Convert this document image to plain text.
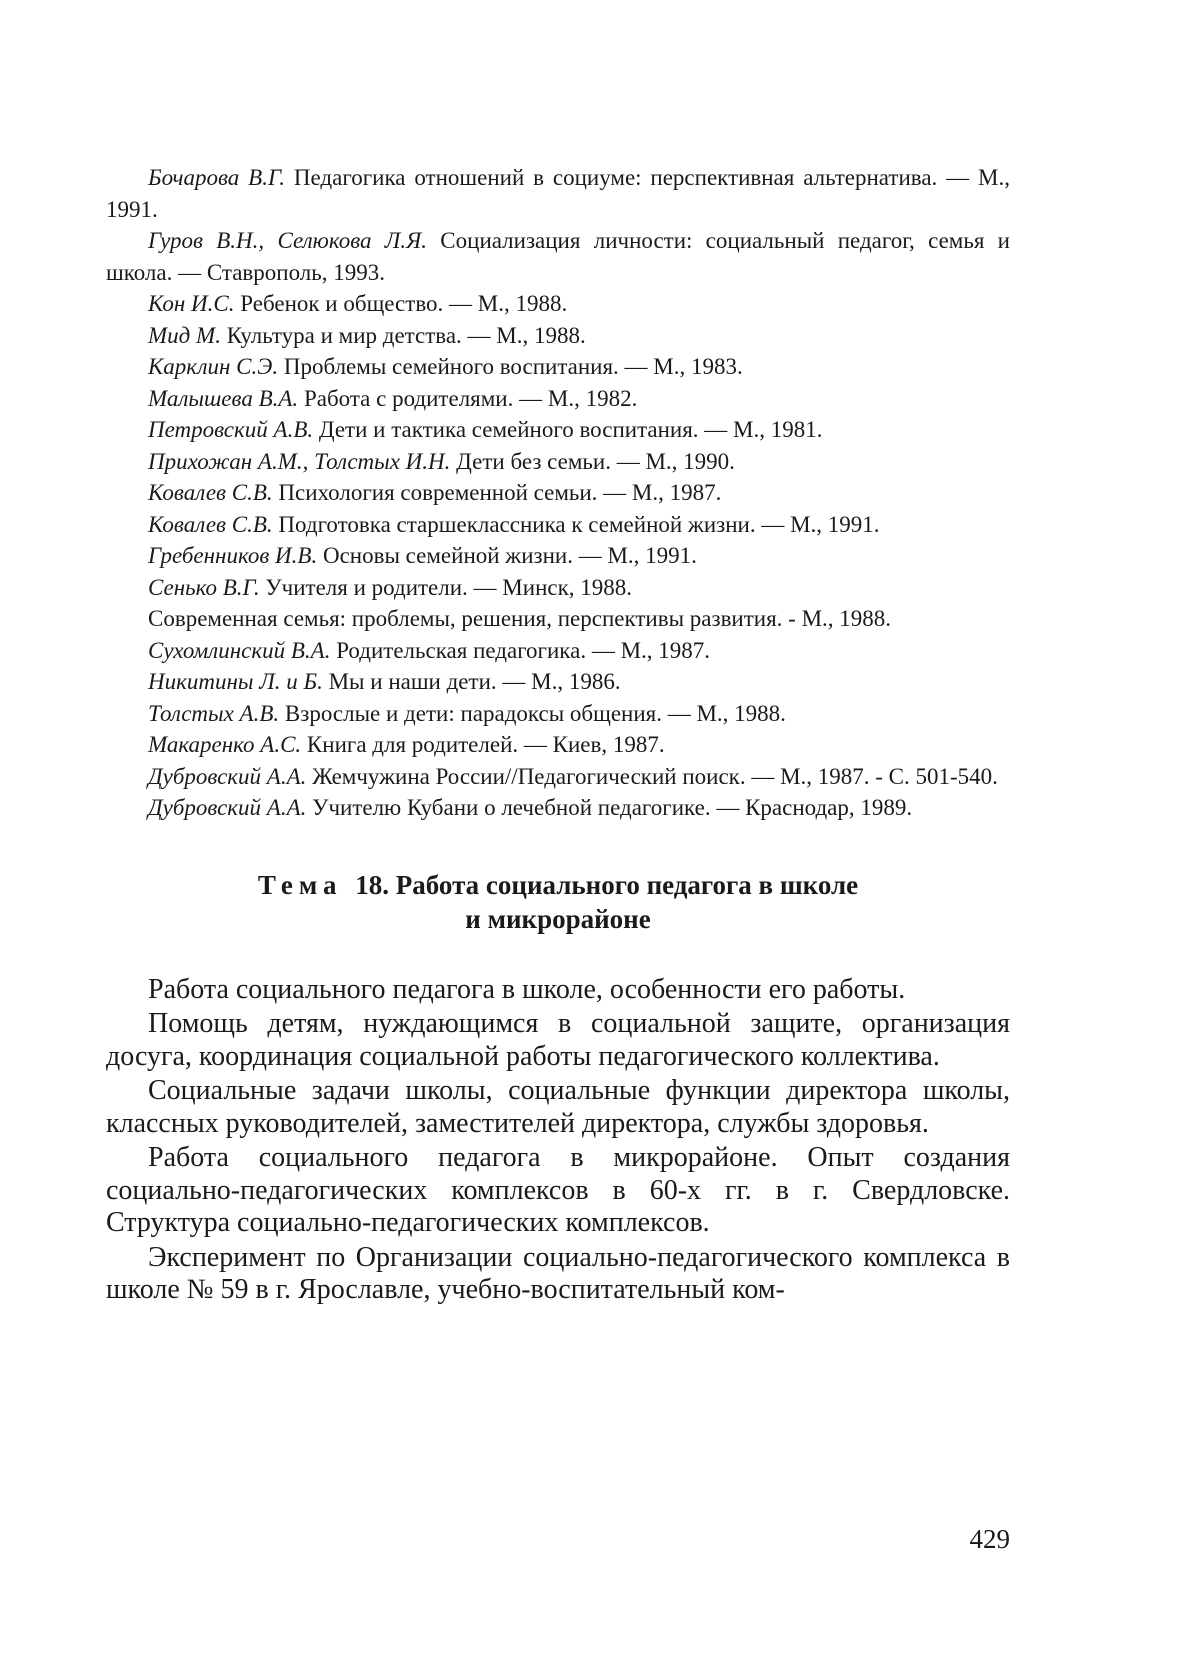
Бочарова В.Г. Педагогика отношений в социуме: перспективная альтернатива. — М., 1991.

Гуров В.Н., Селюкова Л.Я. Социализация личности: социальный педагог, семья и школа. — Ставрополь, 1993.

Кон И.С. Ребенок и общество. — М., 1988.

Мид М. Культура и мир детства. — М., 1988.

Карклин С.Э. Проблемы семейного воспитания. — М., 1983.

Малышева В.А. Работа с родителями. — М., 1982.

Петровский А.В. Дети и тактика семейного воспитания. — М., 1981.

Прихожан А.М., Толстых И.Н. Дети без семьи. — М., 1990.

Ковалев С.В. Психология современной семьи. — М., 1987.

Ковалев С.В. Подготовка старшеклассника к семейной жизни. — М., 1991.

Гребенников И.В. Основы семейной жизни. — М., 1991.

Сенько В.Г. Учителя и родители. — Минск, 1988.

Современная семья: проблемы, решения, перспективы развития. - М., 1988.

Сухомлинский В.А. Родительская педагогика. — М., 1987.

Никитины Л. и Б. Мы и наши дети. — М., 1986.

Толстых А.В. Взрослые и дети: парадоксы общения. — М., 1988.

Макаренко А.С. Книга для родителей. — Киев, 1987.

Дубровский А.А. Жемчужина России//Педагогический поиск. — М., 1987. - С. 501-540.

Дубровский А.А. Учителю Кубани о лечебной педагогике. — Краснодар, 1989.

Тема 18. Работа социального педагога в школе
и микрорайоне

Работа социального педагога в школе, особенности его работы.

Помощь детям, нуждающимся в социальной защите, организация досуга, координация социальной работы педагогического коллектива.

Социальные задачи школы, социальные функции директора школы, классных руководителей, заместителей директора, службы здоровья.

Работа социального педагога в микрорайоне. Опыт создания социально-педагогических комплексов в 60-х гг. в г. Свердловске. Структура социально-педагогических комплексов.

Эксперимент по Организации социально-педагогического комплекса в школе № 59 в г. Ярославле, учебно-воспитательный ком-

429
